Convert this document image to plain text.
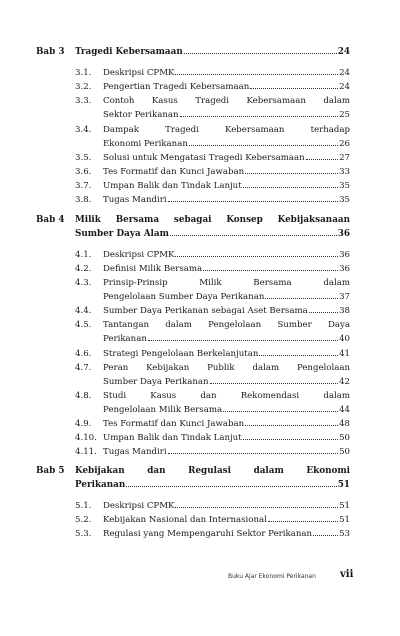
Bab 3 Tragedi Kebersamaan	24
3.1. Deskripsi CPMK	24
3.2. Pengertian Tragedi Kebersamaan	24
3.3. Contoh Kasus Tragedi Kebersamaan dalam
Sektor Perikanan	25
3.4. Dampak Tragedi Kebersamaan terhadap
Ekonomi Perikanan	26
3.5. Solusi untuk Mengatasi Tragedi Kebersamaan	27
3.6. Tes Formatif dan Kunci Jawaban	33
3.7. Umpan Balik dan Tindak Lanjut	35
3.8. Tugas Mandiri	35
Bab 4 Milik Bersama sebagai Konsep Kebijaksanaan
Sumber Daya Alam	36
4.1. Deskripsi CPMK	36
4.2. Definisi Milik Bersama	36
4.3. Prinsip-Prinsip Milik Bersama dalam
Pengelolaan Sumber Daya Perikanan	37
4.4. Sumber Daya Perikanan sebagai Aset Bersama	38
4.5. Tantangan dalam Pengelolaan Sumber Daya
Perikanan	40
4.6. Strategi Pengelolaan Berkelanjutan	41
4.7. Peran Kebijakan Publik dalam Pengelolaan
Sumber Daya Perikanan	42
4.8. Studi Kasus dan Rekomendasi dalam
Pengelolaan Milik Bersama	44
4.9. Tes Formatif dan Kunci Jawaban	48
4.10. Umpan Balik dan Tindak Lanjut	50
4.11. Tugas Mandiri	50
Bab 5 Kebijakan dan Regulasi dalam Ekonomi
Perikanan	51
5.1. Deskripsi CPMK	51
5.2. Kebijakan Nasional dan Internasional	51
5.3. Regulasi yang Mempengaruhi Sektor Perikanan	53
Buku Ajar Ekonomi Perikanan vii
